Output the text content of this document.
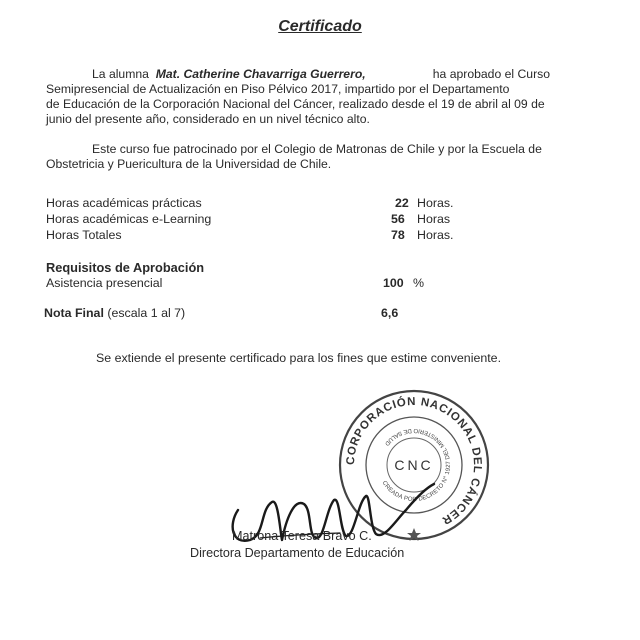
Certificado
La alumna Mat. Catherine Chavarriga Guerrero,	ha aprobado el Curso
Semipresencial de Actualización en Piso Pélvico 2017, impartido por el Departamento
de Educación de la Corporación Nacional del Cáncer, realizado desde el 19 de abril al 09 de
junio del presente año, considerado en un nivel técnico alto.
Este curso fue patrocinado por el Colegio de Matronas de Chile y por la Escuela de
Obstetricia y Puericultura de la Universidad de Chile.
Horas académicas prácticas	22 Horas.
Horas académicas e-Learning	56 Horas
Horas Totales	78 Horas.
Requisitos de Aprobación
Asistencia presencial	100 %
Nota Final (escala 1 al 7)	6,6
Se extiende el presente certificado para los fines que estime conveniente.
CORPORACIÓN NACIONAL DEL CÁNCER
CREADA POR DECRETO N° 1927 DEL MINISTERIO DE SALUD
CNC
Matrona Teresa Bravo C.
Directora Departamento de Educación
